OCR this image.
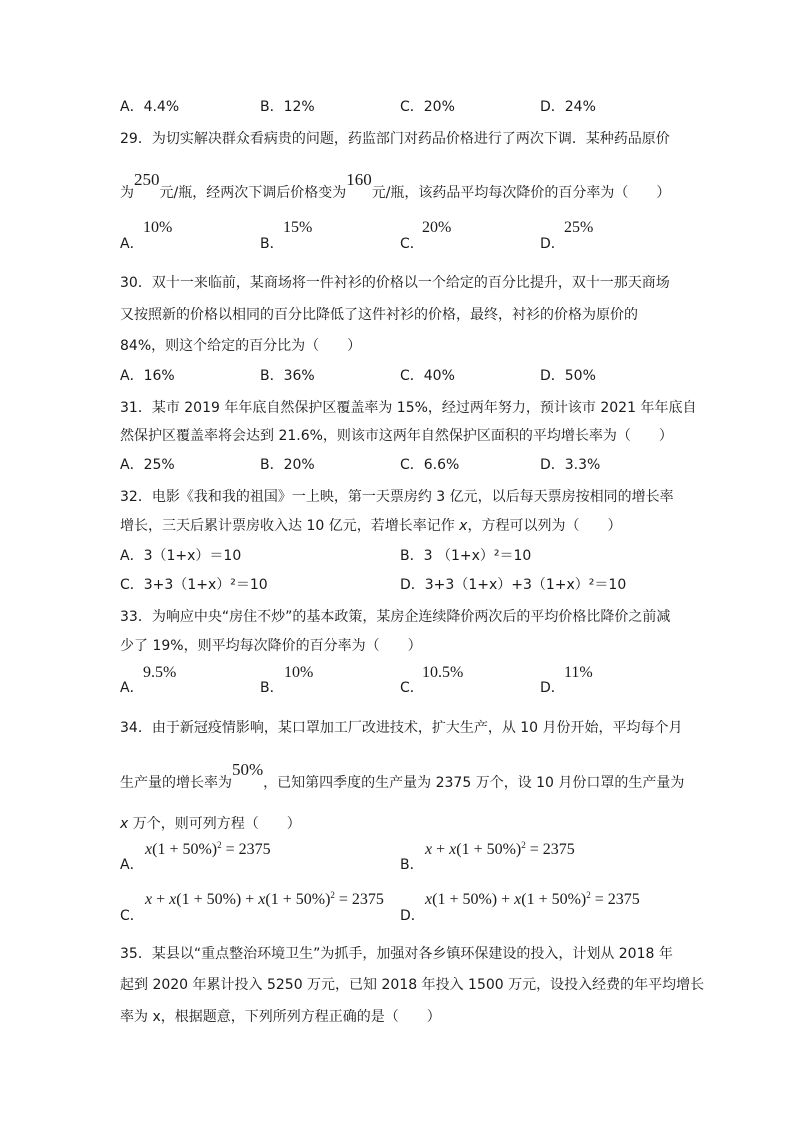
A．4.4%	B．12%	C．20%	D．24%
29．为切实解决群众看病贵的问题，药监部门对药品价格进行了两次下调．某种药品原价
为250元/瓶，经两次下调后价格变为160元/瓶，该药品平均每次降价的百分率为（　　）
A．
10%
B．
15%
C．
20%
D．
25%
30．双十一来临前，某商场将一件衬衫的价格以一个给定的百分比提升，双十一那天商场
又按照新的价格以相同的百分比降低了这件衬衫的价格，最终，衬衫的价格为原价的
84%，则这个给定的百分比为（　　）
A．16%	B．36%	C．40%	D．50%
31．某市 2019 年年底自然保护区覆盖率为 15%，经过两年努力，预计该市 2021 年年底自
然保护区覆盖率将会达到 21.6%，则该市这两年自然保护区面积的平均增长率为（　　）
A．25%	B．20%	C．6.6%	D．3.3%
32．电影《我和我的祖国》一上映，第一天票房约 3 亿元，以后每天票房按相同的增长率
增长，三天后累计票房收入达 10 亿元，若增长率记作 x，方程可以列为（　　）
A．3（1+x）＝10	B．3 （1+x）²＝10
C．3+3（1+x）²＝10	D．3+3（1+x）+3（1+x）²＝10
33．为响应中央“房住不炒”的基本政策，某房企连续降价两次后的平均价格比降价之前减
少了 19%，则平均每次降价的百分率为（　　）
A．
9.5%
B．
10%
C．
10.5%
D．
11%
34．由于新冠疫情影响，某口罩加工厂改进技术，扩大生产，从 10 月份开始，平均每个月
生产量的增长率为50%，已知第四季度的生产量为 2375 万个，设 10 月份口罩的生产量为
x 万个，则可列方程（　　）
A．
$x(1 + 50\%)^2 = 2375$
B．
$x + x(1 + 50\%)^2 = 2375$
C．
$x + x(1 + 50\%) + x(1 + 50\%)^2 = 2375$
D．
$x(1 + 50\%) + x(1 + 50\%)^2 = 2375$
35．某县以“重点整治环境卫生”为抓手，加强对各乡镇环保建设的投入，计划从 2018 年
起到 2020 年累计投入 5250 万元，已知 2018 年投入 1500 万元，设投入经费的年平均增长
率为 x，根据题意，下列所列方程正确的是（　　）
